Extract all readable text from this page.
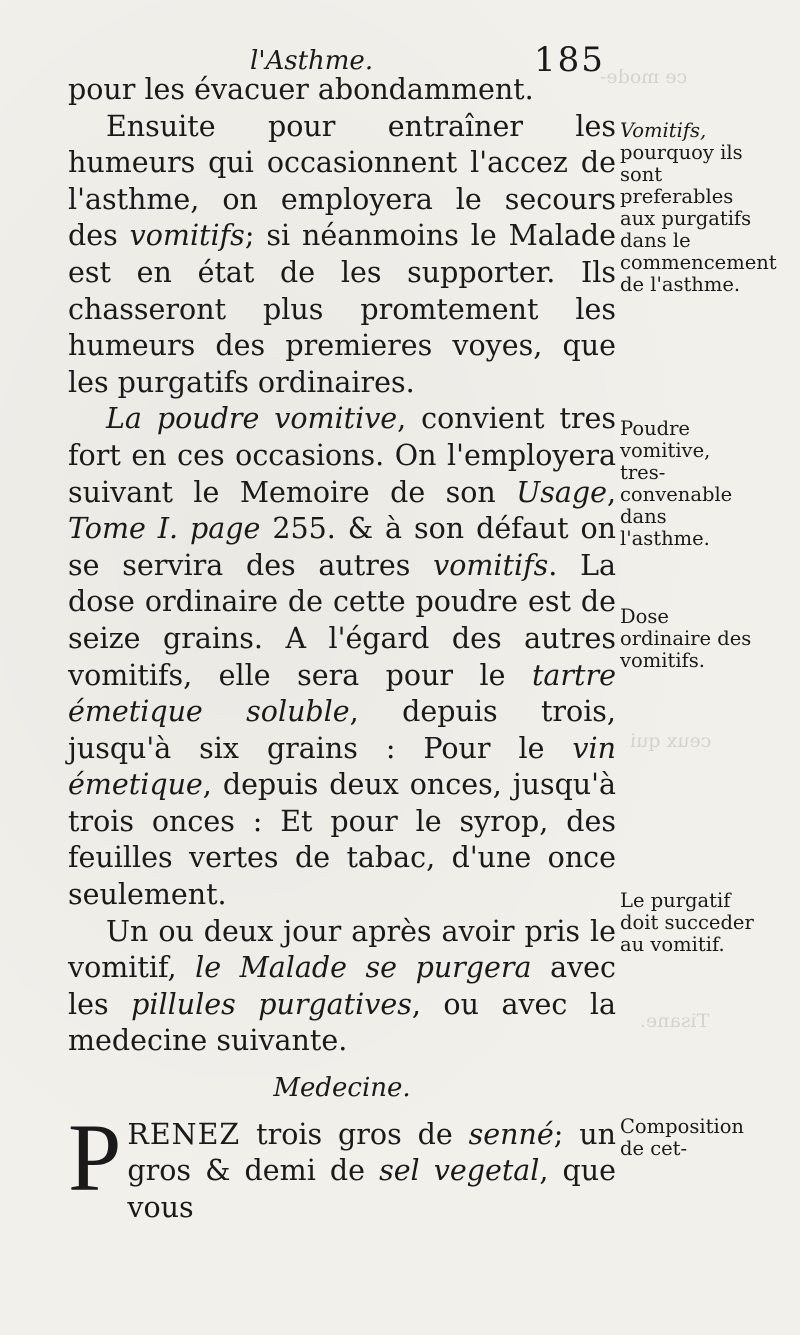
ce mode-
ceux qui
Tisane.
l'Asthme.	185

pour les évacuer abondamment.

Ensuite pour entraîner les humeurs qui occasionnent l'accez de l'asthme, on employera le secours des vomitifs; si néanmoins le Malade est en état de les supporter. Ils chasseront plus promtement les humeurs des premieres voyes, que les purgatifs ordinaires.

La poudre vomitive, convient tres fort en ces occasions. On l'employera suivant le Memoire de son Usage, Tome I. page 255. & à son défaut on se servira des autres vomitifs. La dose ordinaire de cette poudre est de seize grains. A l'égard des autres vomitifs, elle sera pour le tartre émetique soluble, depuis trois, jusqu'à six grains : Pour le vin émetique, depuis deux onces, jusqu'à trois onces : Et pour le syrop, des feuilles vertes de tabac, d'une once seulement.

Un ou deux jour après avoir pris le vomitif, le Malade se purgera avec les pillules purgatives, ou avec la medecine suivante.

Medecine.

PRENEZ trois gros de senné; un gros & demi de sel vegetal, que vous

Vomitifs, pourquoy ils sont preferables aux purgatifs dans le commencement de l'asthme.
Poudre vomitive, tres-convenable dans l'asthme.
Dose ordinaire des vomitifs.
Le purgatif doit succeder au vomitif.
Composition de cet-
